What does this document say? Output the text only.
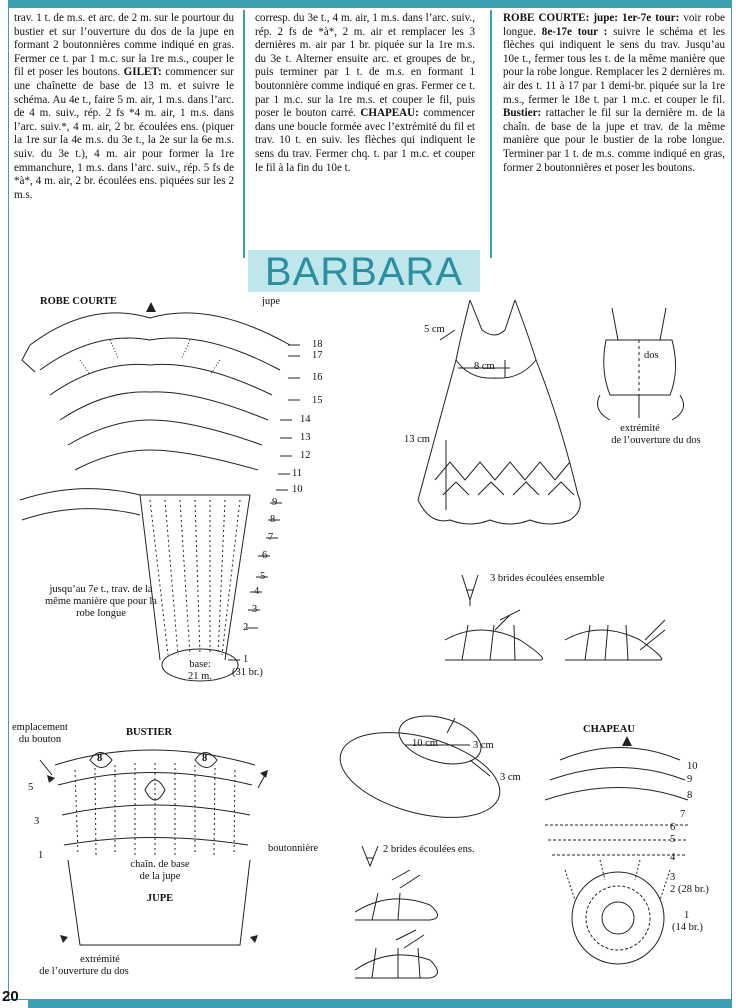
trav. 1 t. de m.s. et arc. de 2 m. sur le pourtour du bustier et sur l’ouverture du dos de la jupe en formant 2 boutonnières comme indiqué en gras. Fermer ce t. par 1 m.c. sur la 1re m.s., couper le fil et poser les boutons. GILET: commencer sur une chaînette de base de 13 m. et suivre le schéma. Au 4e t., faire 5 m. air, 1 m.s. dans l’arc. de 4 m. suiv., rép. 2 fs *4 m. air, 1 m.s. dans l’arc. suiv.*, 4 m. air, 2 br. écoulées ens. (piquer la 1re sur la 4e m.s. du 3e t., la 2e sur la 6e m.s. suiv. du 3e t.), 4 m. air pour former la 1re emmanchure, 1 m.s. dans l’arc. suiv., rép. 5 fs de *à*, 4 m. air, 2 br. écoulées ens. piquées sur les 2 m.s.

corresp. du 3e t., 4 m. air, 1 m.s. dans l’arc. suiv., rép. 2 fs de *à*, 2 m. air et remplacer les 3 dernières m. air par 1 br. piquée sur la 1re m.s. du 3e t. Alterner ensuite arc. et groupes de br., puis terminer par 1 t. de m.s. en formant 1 boutonnière comme indiqué en gras. Fermer ce t. par 1 m.c. sur la 1re m.s. et couper le fil, puis poser le bouton carré. CHAPEAU: commencer dans une boucle formée avec l’extrémité du fil et trav. 10 t. en suiv. les flèches qui indiquent le sens du trav. Fermer chq. t. par 1 m.c. et couper le fil à la fin du 10e t.

ROBE COURTE: jupe: 1er-7e tour: voir robe longue. 8e-17e tour : suivre le schéma et les flèches qui indiquent le sens du trav. Jusqu’au 10e t., fermer tous les t. de la même manière que pour la robe longue. Remplacer les 2 dernières m. air des t. 11 à 17 par 1 demi-br. piquée sur la 1re m.s., fermer le 18e t. par 1 m.c. et couper le fil. Bustier: rattacher le fil sur la dernière m. de la chaîn. de base de la jupe et trav. de la même manière que pour le bustier de la robe longue. Terminer par 1 t. de m.s. comme indiqué en gras, former 2 boutonnières et poser les boutons.

BARBARA
ROBE COURTE	jupe
18
17
16
15
14
13
12
11
10
9
8
7
6
5
4
3
2
1
jusqu’au 7e t., trav. de la même manière que pour la robe longue
base:
21 m.	(31 br.)
5 cm
8 cm
13 cm
dos
extrémité
de l’ouverture du dos
3 brides écoulées ensemble
emplacement
du bouton
BUSTIER
5
3
1
8	8
boutonnière
chaîn. de base
de la jupe
JUPE
extrémité
de l’ouverture du dos
10 cm	3 cm
3 cm
2 brides écoulées ens.
CHAPEAU
10
9
8
7
6
5
4
3
2
1
(28 br.)
(14 br.)
20
